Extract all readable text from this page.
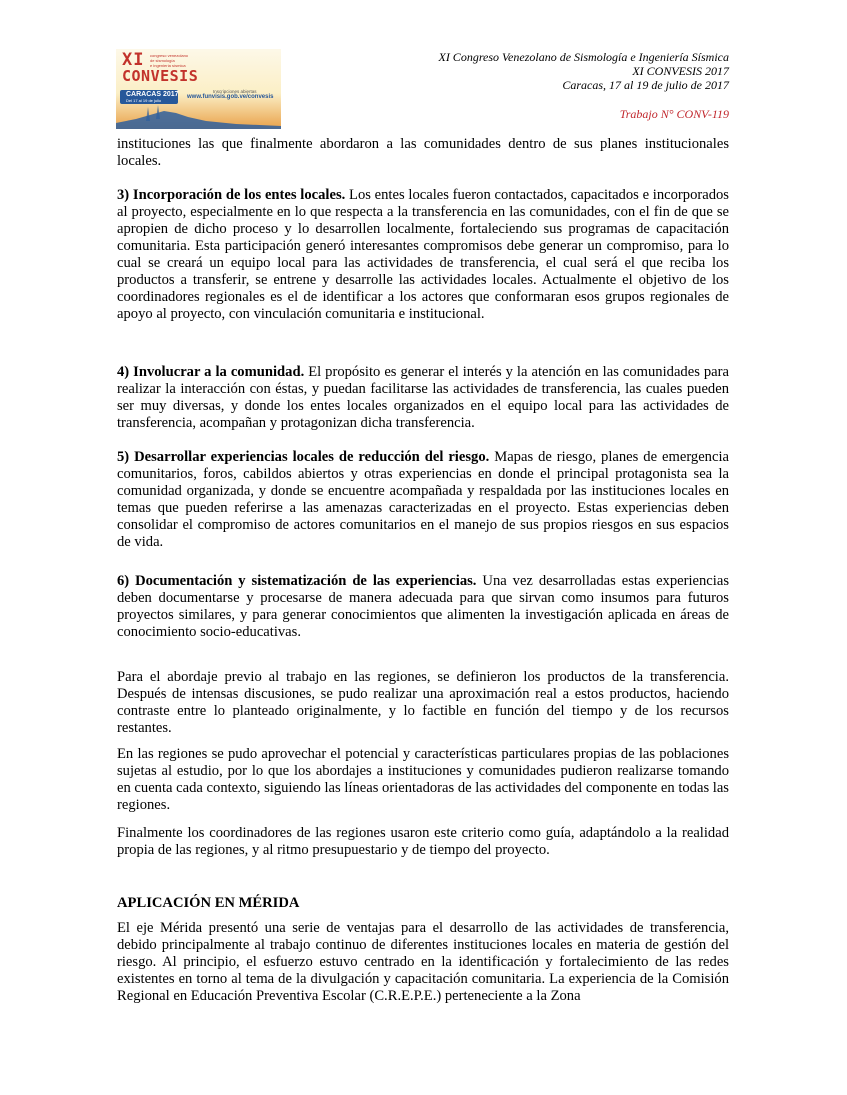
XI congreso venezolano
de sismología
e ingeniería sísmica
CONVESIS
CARACAS 2017
Del 17 al 19 de julio
Inscripciones abiertas
www.funvisis.gob.ve/convesis
XI Congreso Venezolano de Sismología e Ingeniería Sísmica
XI CONVESIS 2017
Caracas, 17 al 19 de julio de 2017
Trabajo N° CONV-119

instituciones las que finalmente abordaron a las comunidades dentro de sus planes institucionales locales.

3) Incorporación de los entes locales. Los entes locales fueron contactados, capacitados e incorporados al proyecto, especialmente en lo que respecta a la transferencia en las comunidades, con el fin de que se apropien de dicho proceso y lo desarrollen localmente, fortaleciendo sus programas de capacitación comunitaria. Esta participación generó interesantes compromisos debe generar un compromiso, para lo cual se creará un equipo local para las actividades de transferencia, el cual será el que reciba los productos a transferir, se entrene y desarrolle las actividades locales. Actualmente el objetivo de los coordinadores regionales es el de identificar a los actores que conformaran esos grupos regionales de apoyo al proyecto, con vinculación comunitaria e institucional.

4) Involucrar a la comunidad. El propósito es generar el interés y la atención en las comunidades para realizar la interacción con éstas, y puedan facilitarse las actividades de transferencia, las cuales pueden ser muy diversas, y donde los entes locales organizados en el equipo local para las actividades de transferencia, acompañan y protagonizan dicha transferencia.

5) Desarrollar experiencias locales de reducción del riesgo. Mapas de riesgo, planes de emergencia comunitarios, foros, cabildos abiertos y otras experiencias en donde el principal protagonista sea la comunidad organizada, y donde se encuentre acompañada y respaldada por las instituciones locales en temas que pueden referirse a las amenazas caracterizadas en el proyecto. Estas experiencias deben consolidar el compromiso de actores comunitarios en el manejo de sus propios riesgos en sus espacios de vida.

6) Documentación y sistematización de las experiencias. Una vez desarrolladas estas experiencias deben documentarse y procesarse de manera adecuada para que sirvan como insumos para futuros proyectos similares, y para generar conocimientos que alimenten la investigación aplicada en áreas de conocimiento socio-educativas.

Para el abordaje previo al trabajo en las regiones, se definieron los productos de la transferencia. Después de intensas discusiones, se pudo realizar una aproximación real a estos productos, haciendo contraste entre lo planteado originalmente, y lo factible en función del tiempo y de los recursos restantes.

En las regiones se pudo aprovechar el potencial y características particulares propias de las poblaciones sujetas al estudio, por lo que los abordajes a instituciones y comunidades pudieron realizarse tomando en cuenta cada contexto, siguiendo las líneas orientadoras de las actividades del componente en todas las regiones.

Finalmente los coordinadores de las regiones usaron este criterio como guía, adaptándolo a la realidad propia de las regiones, y al ritmo presupuestario y de tiempo del proyecto.

APLICACIÓN EN MÉRIDA

El eje Mérida presentó una serie de ventajas para el desarrollo de las actividades de transferencia, debido principalmente al trabajo continuo de diferentes instituciones locales en materia de gestión del riesgo. Al principio, el esfuerzo estuvo centrado en la identificación y fortalecimiento de las redes existentes en torno al tema de la divulgación y capacitación comunitaria. La experiencia de la Comisión Regional en Educación Preventiva Escolar (C.R.E.P.E.) perteneciente a la Zona
